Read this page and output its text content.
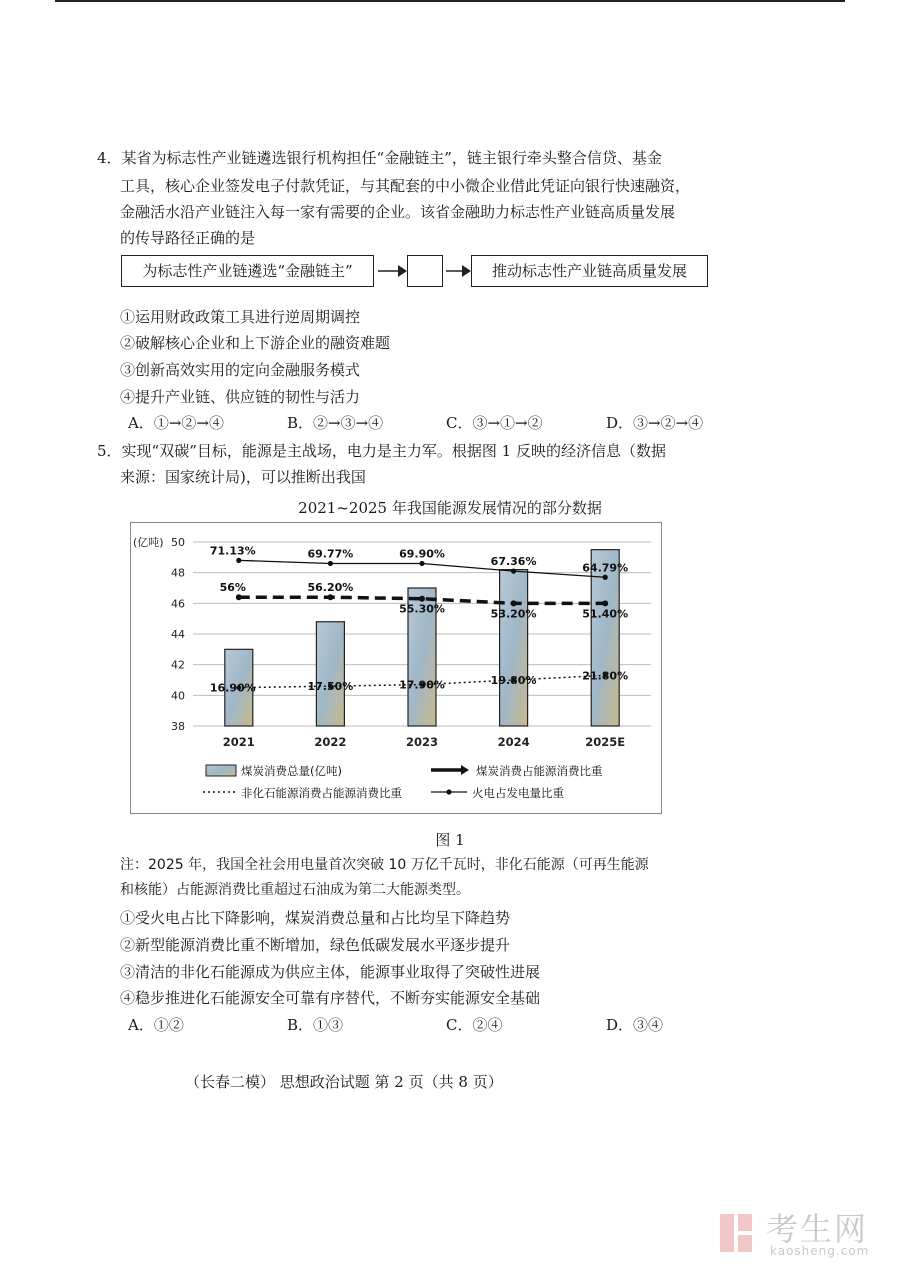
4．某省为标志性产业链遴选银行机构担任“金融链主”，链主银行牵头整合信贷、基金
工具，核心企业签发电子付款凭证，与其配套的中小微企业借此凭证向银行快速融资，
金融活水沿产业链注入每一家有需要的企业。该省金融助力标志性产业链高质量发展
的传导路径正确的是
为标志性产业链遴选“金融链主”	推动标志性产业链高质量发展
①运用财政政策工具进行逆周期调控
②破解核心企业和上下游企业的融资难题
③创新高效实用的定向金融服务模式
④提升产业链、供应链的韧性与活力
A．①→②→④	B．②→③→④	C．③→①→②	D．③→②→④
5．实现“双碳”目标，能源是主战场，电力是主力军。根据图 1 反映的经济信息（数据
来源：国家统计局)，可以推断出我国
2021~2025 年我国能源发展情况的部分数据
38
40
42
44
46
48
50
(亿吨)
2021	2022	2023	2024	2025E
71.13%	69.77%	69.90%
67.36%	64.79%
56%	56.20%
55.30%	53.20%	51.40%
16.90%	17.50%	17.90%	19.80%	21.80%
煤炭消费总量(亿吨)	煤炭消费占能源消费比重
非化石能源消费占能源消费比重	火电占发电量比重
图 1
注：2025 年，我国全社会用电量首次突破 10 万亿千瓦时，非化石能源（可再生能源
和核能）占能源消费比重超过石油成为第二大能源类型。
①受火电占比下降影响，煤炭消费总量和占比均呈下降趋势
②新型能源消费比重不断增加，绿色低碳发展水平逐步提升
③清洁的非化石能源成为供应主体，能源事业取得了突破性进展
④稳步推进化石能源安全可靠有序替代，不断夯实能源安全基础
A．①②	B．①③	C．②④	D．③④
（长春二模） 思想政治试题 第 2 页（共 8 页）
考生网
kaosheng.com
